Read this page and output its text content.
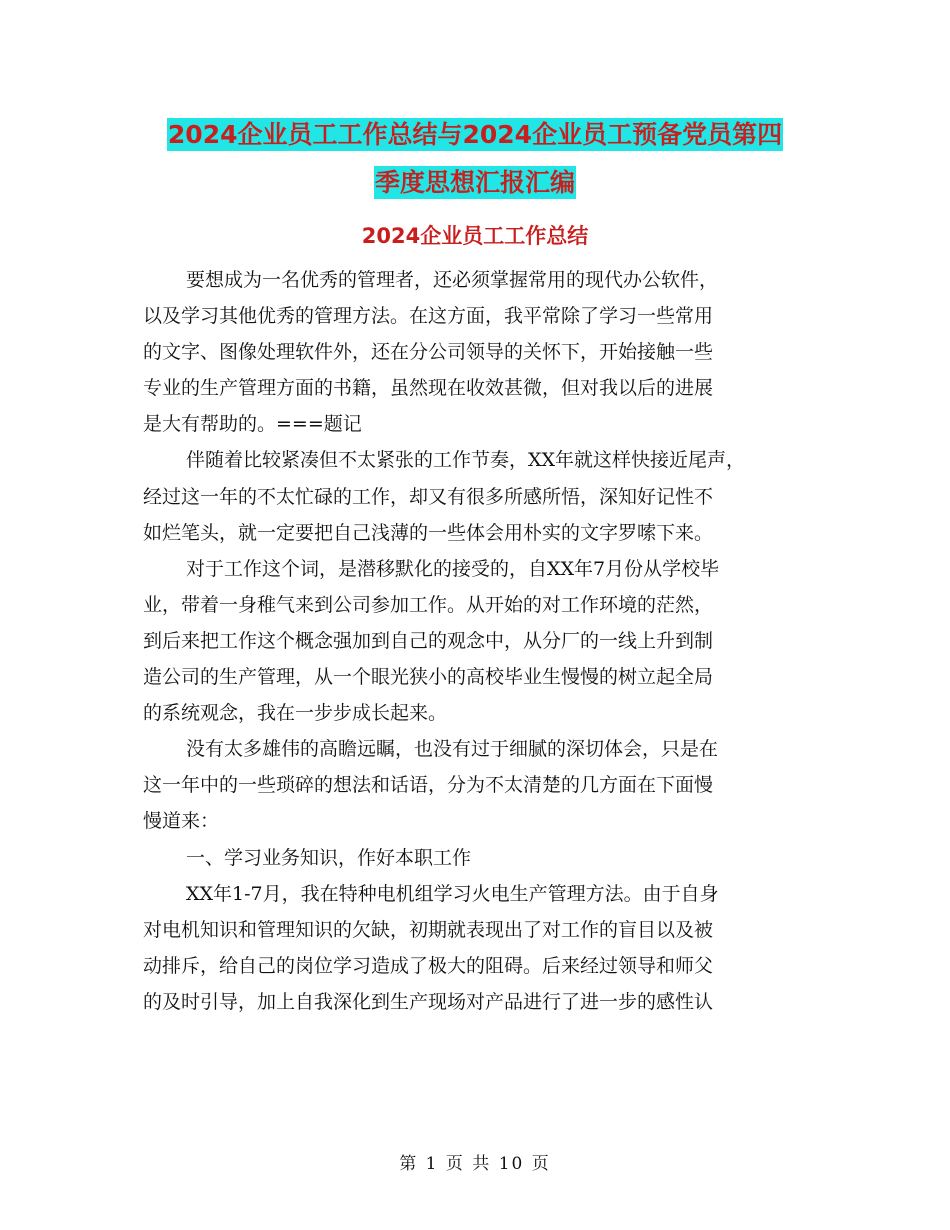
2024企业员工工作总结与2024企业员工预备党员第四
季度思想汇报汇编
2024企业员工工作总结
要想成为一名优秀的管理者，还必须掌握常用的现代办公软件，
以及学习其他优秀的管理方法。在这方面，我平常除了学习一些常用
的文字、图像处理软件外，还在分公司领导的关怀下，开始接触一些
专业的生产管理方面的书籍，虽然现在收效甚微，但对我以后的进展
是大有帮助的。===题记
伴随着比较紧凑但不太紧张的工作节奏，XX年就这样快接近尾声，
经过这一年的不太忙碌的工作，却又有很多所感所悟，深知好记性不
如烂笔头，就一定要把自己浅薄的一些体会用朴实的文字罗嗦下来。
对于工作这个词，是潜移默化的接受的，自XX年7月份从学校毕
业，带着一身稚气来到公司参加工作。从开始的对工作环境的茫然，
到后来把工作这个概念强加到自己的观念中，从分厂的一线上升到制
造公司的生产管理，从一个眼光狭小的高校毕业生慢慢的树立起全局
的系统观念，我在一步步成长起来。
没有太多雄伟的高瞻远瞩，也没有过于细腻的深切体会，只是在
这一年中的一些琐碎的想法和话语，分为不太清楚的几方面在下面慢
慢道来：
一、学习业务知识，作好本职工作
XX年1-7月，我在特种电机组学习火电生产管理方法。由于自身
对电机知识和管理知识的欠缺，初期就表现出了对工作的盲目以及被
动排斥，给自己的岗位学习造成了极大的阻碍。后来经过领导和师父
的及时引导，加上自我深化到生产现场对产品进行了进一步的感性认
第 1 页 共 10 页
